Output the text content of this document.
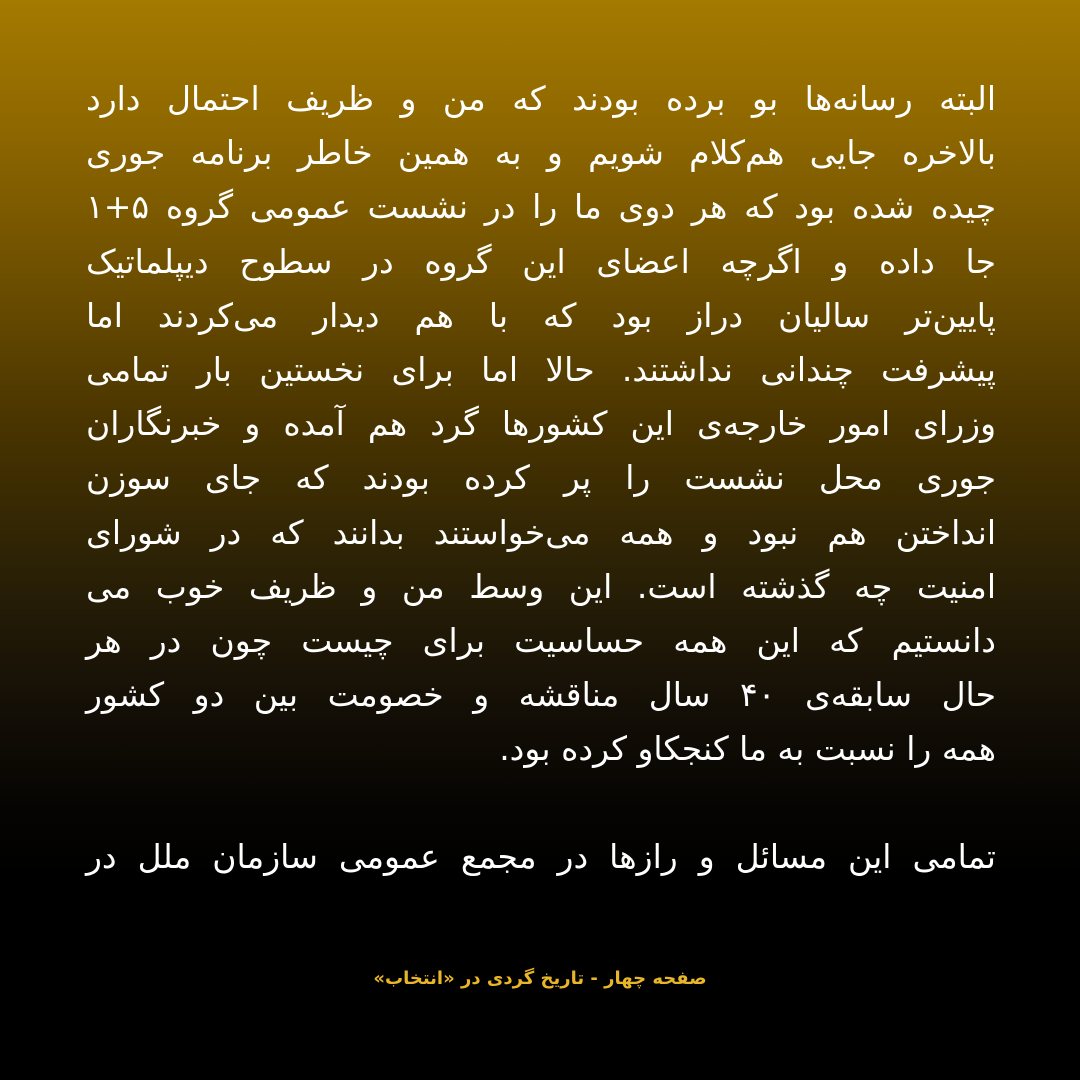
البته رسانه‌ها بو برده بودند که من و ظریف احتمال دارد
بالاخره جایی هم‌کلام شویم و به همین خاطر برنامه جوری
چیده شده بود که هر دوی ما را در نشست عمومی گروه ۵+۱
جا داده و اگرچه اعضای این گروه در سطوح دیپلماتیک
پایین‌تر سالیان دراز بود که با هم دیدار می‌کردند اما
پیشرفت چندانی نداشتند. حالا اما برای نخستین بار تمامی
وزرای امور خارجه‌ی این کشورها گرد هم آمده و خبرنگاران
جوری محل نشست را پر کرده بودند که جای سوزن
انداختن هم نبود و همه می‌خواستند بدانند که در شورای
امنیت چه گذشته است. این وسط من و ظریف خوب می
دانستیم که این همه حساسیت برای چیست چون در هر
حال سابقه‌ی ۴۰ سال مناقشه و خصومت بین دو کشور
همه را نسبت به ما کنجکاو کرده بود.
تمامی این مسائل و رازها در مجمع عمومی سازمان ملل در
صفحه چهار - تاریخ گردی در «انتخاب»
